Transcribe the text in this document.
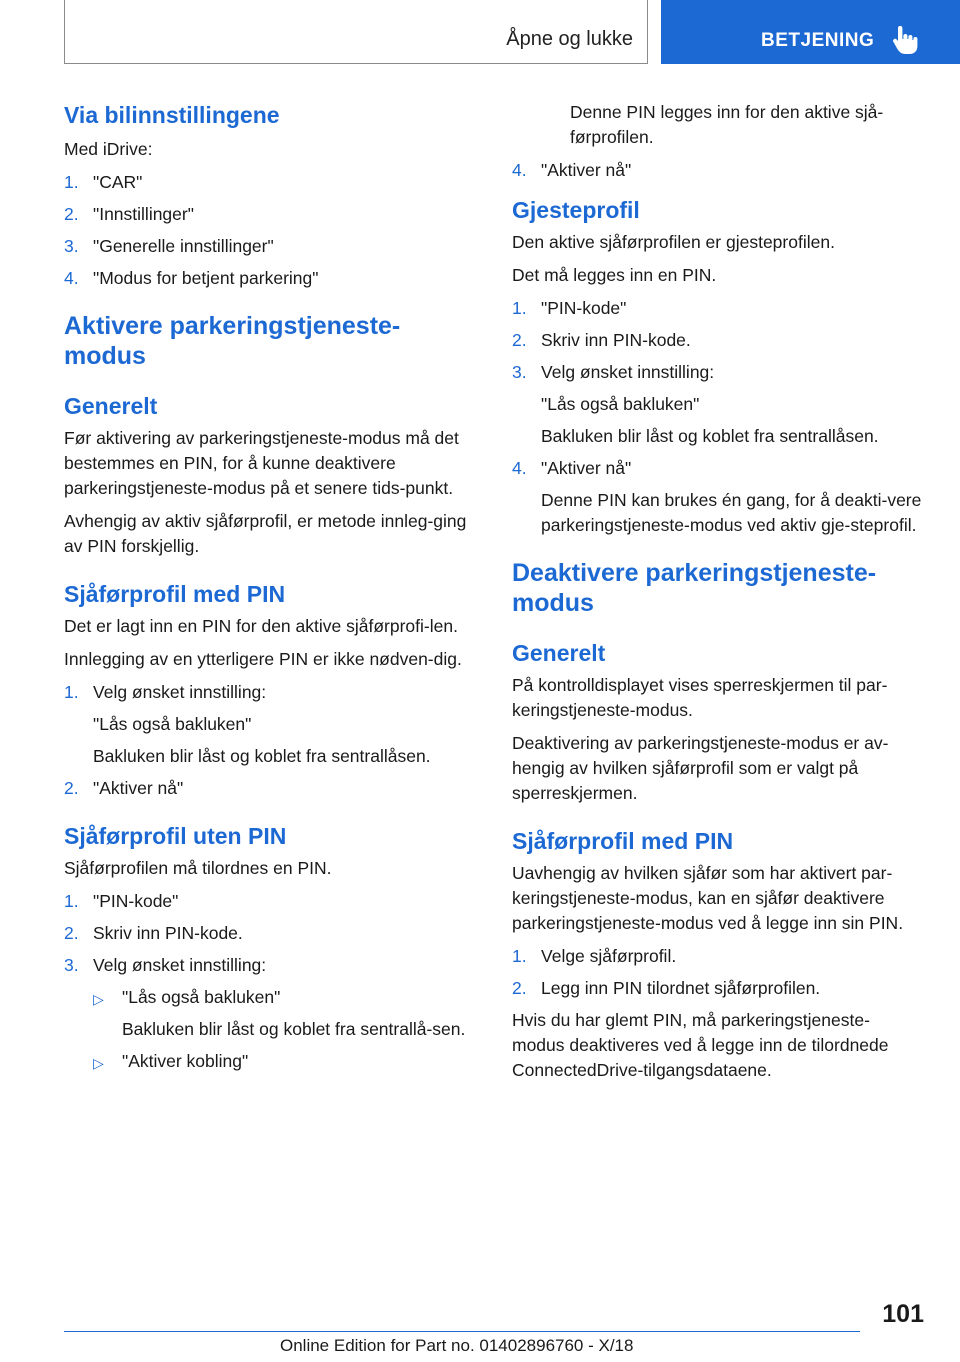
Åpne og lukke	BETJENING
Via bilinnstillingene

Med iDrive:

1. "CAR"
2. "Innstillinger"
3. "Generelle innstillinger"
4. "Modus for betjent parkering"
Aktivere parkeringstjeneste-modus
Generelt

Før aktivering av parkeringstjeneste-modus må det bestemmes en PIN, for å kunne deaktivere parkeringstjeneste-modus på et senere tids-punkt.

Avhengig av aktiv sjåførprofil, er metode innleg-ging av PIN forskjellig.

Sjåførprofil med PIN

Det er lagt inn en PIN for den aktive sjåførprofi-len.

Innlegging av en ytterligere PIN er ikke nødven-dig.

1. Velg ønsket innstilling:
"Lås også bakluken"
Bakluken blir låst og koblet fra sentrallåsen.
2. "Aktiver nå"
Sjåførprofil uten PIN

Sjåførprofilen må tilordnes en PIN.

1. "PIN-kode"
2. Skriv inn PIN-kode.
3. Velg ønsket innstilling:
▷ "Lås også bakluken"
Bakluken blir låst og koblet fra sentrallå-sen.
▷ "Aktiver kobling"

Denne PIN legges inn for den aktive sjå-førprofilen.

4. "Aktiver nå"
Gjesteprofil

Den aktive sjåførprofilen er gjesteprofilen.

Det må legges inn en PIN.

1. "PIN-kode"
2. Skriv inn PIN-kode.
3. Velg ønsket innstilling:
"Lås også bakluken"
Bakluken blir låst og koblet fra sentrallåsen.
4. "Aktiver nå"
Denne PIN kan brukes én gang, for å deakti-vere parkeringstjeneste-modus ved aktiv gje-steprofil.
Deaktivere parkeringstjeneste-modus
Generelt

På kontrolldisplayet vises sperreskjermen til par-keringstjeneste-modus.

Deaktivering av parkeringstjeneste-modus er av-hengig av hvilken sjåførprofil som er valgt på sperreskjermen.

Sjåførprofil med PIN

Uavhengig av hvilken sjåfør som har aktivert par-keringstjeneste-modus, kan en sjåfør deaktivere parkeringstjeneste-modus ved å legge inn sin PIN.

1. Velge sjåførprofil.
2. Legg inn PIN tilordnet sjåførprofilen.

Hvis du har glemt PIN, må parkeringstjeneste-modus deaktiveres ved å legge inn de tilordnede ConnectedDrive-tilgangsdataene.

101
Online Edition for Part no. 01402896760 - X/18
